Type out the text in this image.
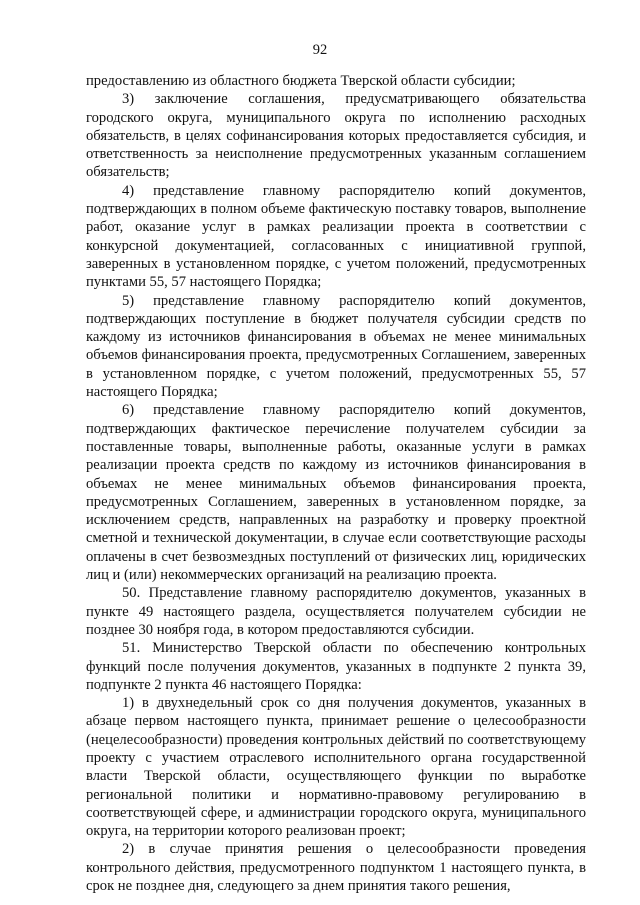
92

предоставлению из областного бюджета Тверской области субсидии;

3) заключение соглашения, предусматривающего обязательства городского округа, муниципального округа по исполнению расходных обязательств, в целях софинансирования которых предоставляется субсидия, и ответственность за неисполнение предусмотренных указанным соглашением обязательств;

4) представление главному распорядителю копий документов, подтверждающих в полном объеме фактическую поставку товаров, выполнение работ, оказание услуг в рамках реализации проекта в соответствии с конкурсной документацией, согласованных с инициативной группой, заверенных в установленном порядке, с учетом положений, предусмотренных пунктами 55, 57 настоящего Порядка;

5) представление главному распорядителю копий документов, подтверждающих поступление в бюджет получателя субсидии средств по каждому из источников финансирования в объемах не менее минимальных объемов финансирования проекта, предусмотренных Соглашением, заверенных в установленном порядке, с учетом положений, предусмотренных 55, 57 настоящего Порядка;

6) представление главному распорядителю копий документов, подтверждающих фактическое перечисление получателем субсидии за поставленные товары, выполненные работы, оказанные услуги в рамках реализации проекта средств по каждому из источников финансирования в объемах не менее минимальных объемов финансирования проекта, предусмотренных Соглашением, заверенных в установленном порядке, за исключением средств, направленных на разработку и проверку проектной сметной и технической документации, в случае если соответствующие расходы оплачены в счет безвозмездных поступлений от физических лиц, юридических лиц и (или) некоммерческих организаций на реализацию проекта.

50. Представление главному распорядителю документов, указанных в пункте 49 настоящего раздела, осуществляется получателем субсидии не позднее 30 ноября года, в котором предоставляются субсидии.

51. Министерство Тверской области по обеспечению контрольных функций после получения документов, указанных в подпункте 2 пункта 39, подпункте 2 пункта 46 настоящего Порядка:

1) в двухнедельный срок со дня получения документов, указанных в абзаце первом настоящего пункта, принимает решение о целесообразности (нецелесообразности) проведения контрольных действий по соответствующему проекту с участием отраслевого исполнительного органа государственной власти Тверской области, осуществляющего функции по выработке региональной политики и нормативно-правовому регулированию в соответствующей сфере, и администрации городского округа, муниципального округа, на территории которого реализован проект;

2) в случае принятия решения о целесообразности проведения контрольного действия, предусмотренного подпунктом 1 настоящего пункта, в срок не позднее дня, следующего за днем принятия такого решения,
